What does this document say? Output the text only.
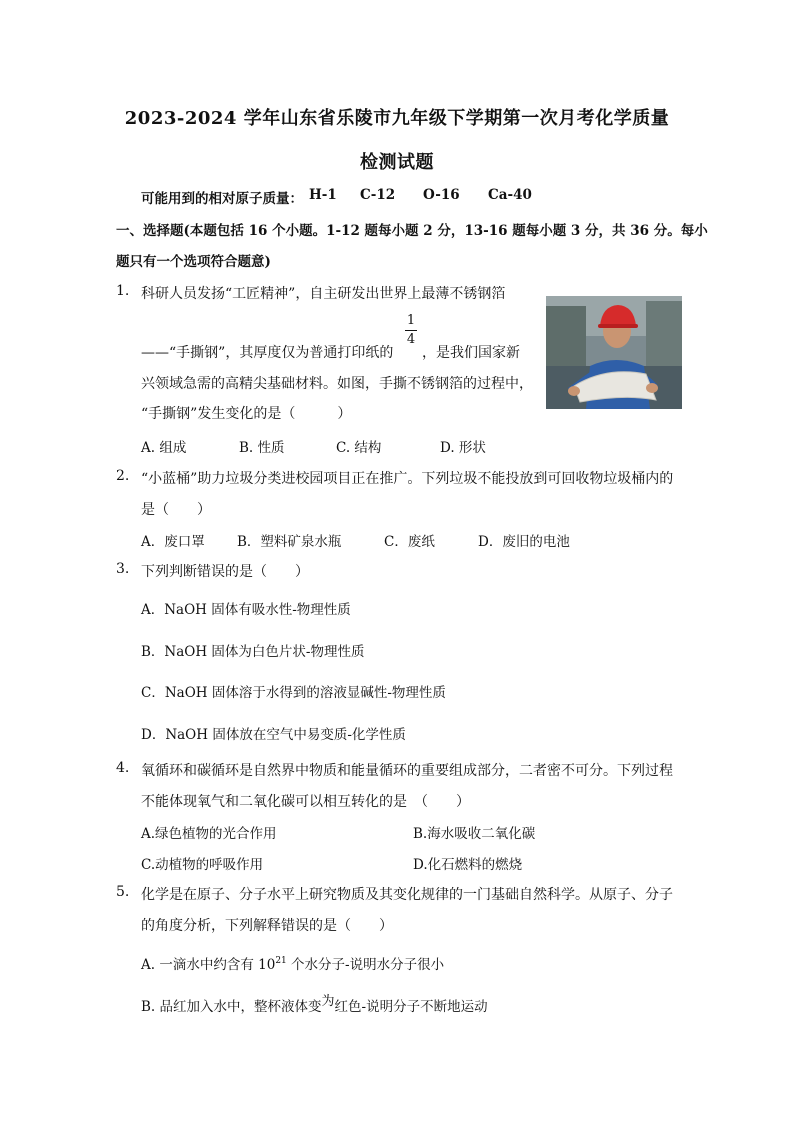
2023-2024 学年山东省乐陵市九年级下学期第一次月考化学质量
检测试题
可能用到的相对原子质量： H-1 C-12 O-16 Ca-40
一、选择题(本题包括 16 个小题。1-12 题每小题 2 分，13-16 题每小题 3 分，共 36 分。每小
题只有一个选项符合题意)
1. 科研人员发扬“工匠精神”，自主研发出世界上最薄不锈钢箔
——“手撕钢”，其厚度仅为普通打印纸的
1
4
，是我们国家新
兴领域急需的高精尖基础材料。如图，手撕不锈钢箔的过程中，
“手撕钢”发生变化的是（　　　）
A. 组成	B. 性质	C. 结构	D. 形状
2. “小蓝桶”助力垃圾分类进校园项目正在推广。下列垃圾不能投放到可回收物垃圾桶内的
是（　　）
A．废口罩 B．塑料矿泉水瓶	C．废纸	D．废旧的电池
3. 下列判断错误的是（　　）
A．NaOH 固体有吸水性-物理性质
B．NaOH 固体为白色片状-物理性质
C．NaOH 固体溶于水得到的溶液显碱性-物理性质
D．NaOH 固体放在空气中易变质-化学性质
4. 氧循环和碳循环是自然界中物质和能量循环的重要组成部分，二者密不可分。下列过程
不能体现氧气和二氧化碳可以相互转化的是　（　　）
A.绿色植物的光合作用	B.海水吸收二氧化碳
C.动植物的呼吸作用	D.化石燃料的燃烧
5. 化学是在原子、分子水平上研究物质及其变化规律的一门基础自然科学。从原子、分子
的角度分析，下列解释错误的是（　　）
A. 一滴水中约含有 $10^{21}$ 个水分子-说明水分子很小
B. 品红加入水中，整杯液体变为红色-说明分子不断地运动
